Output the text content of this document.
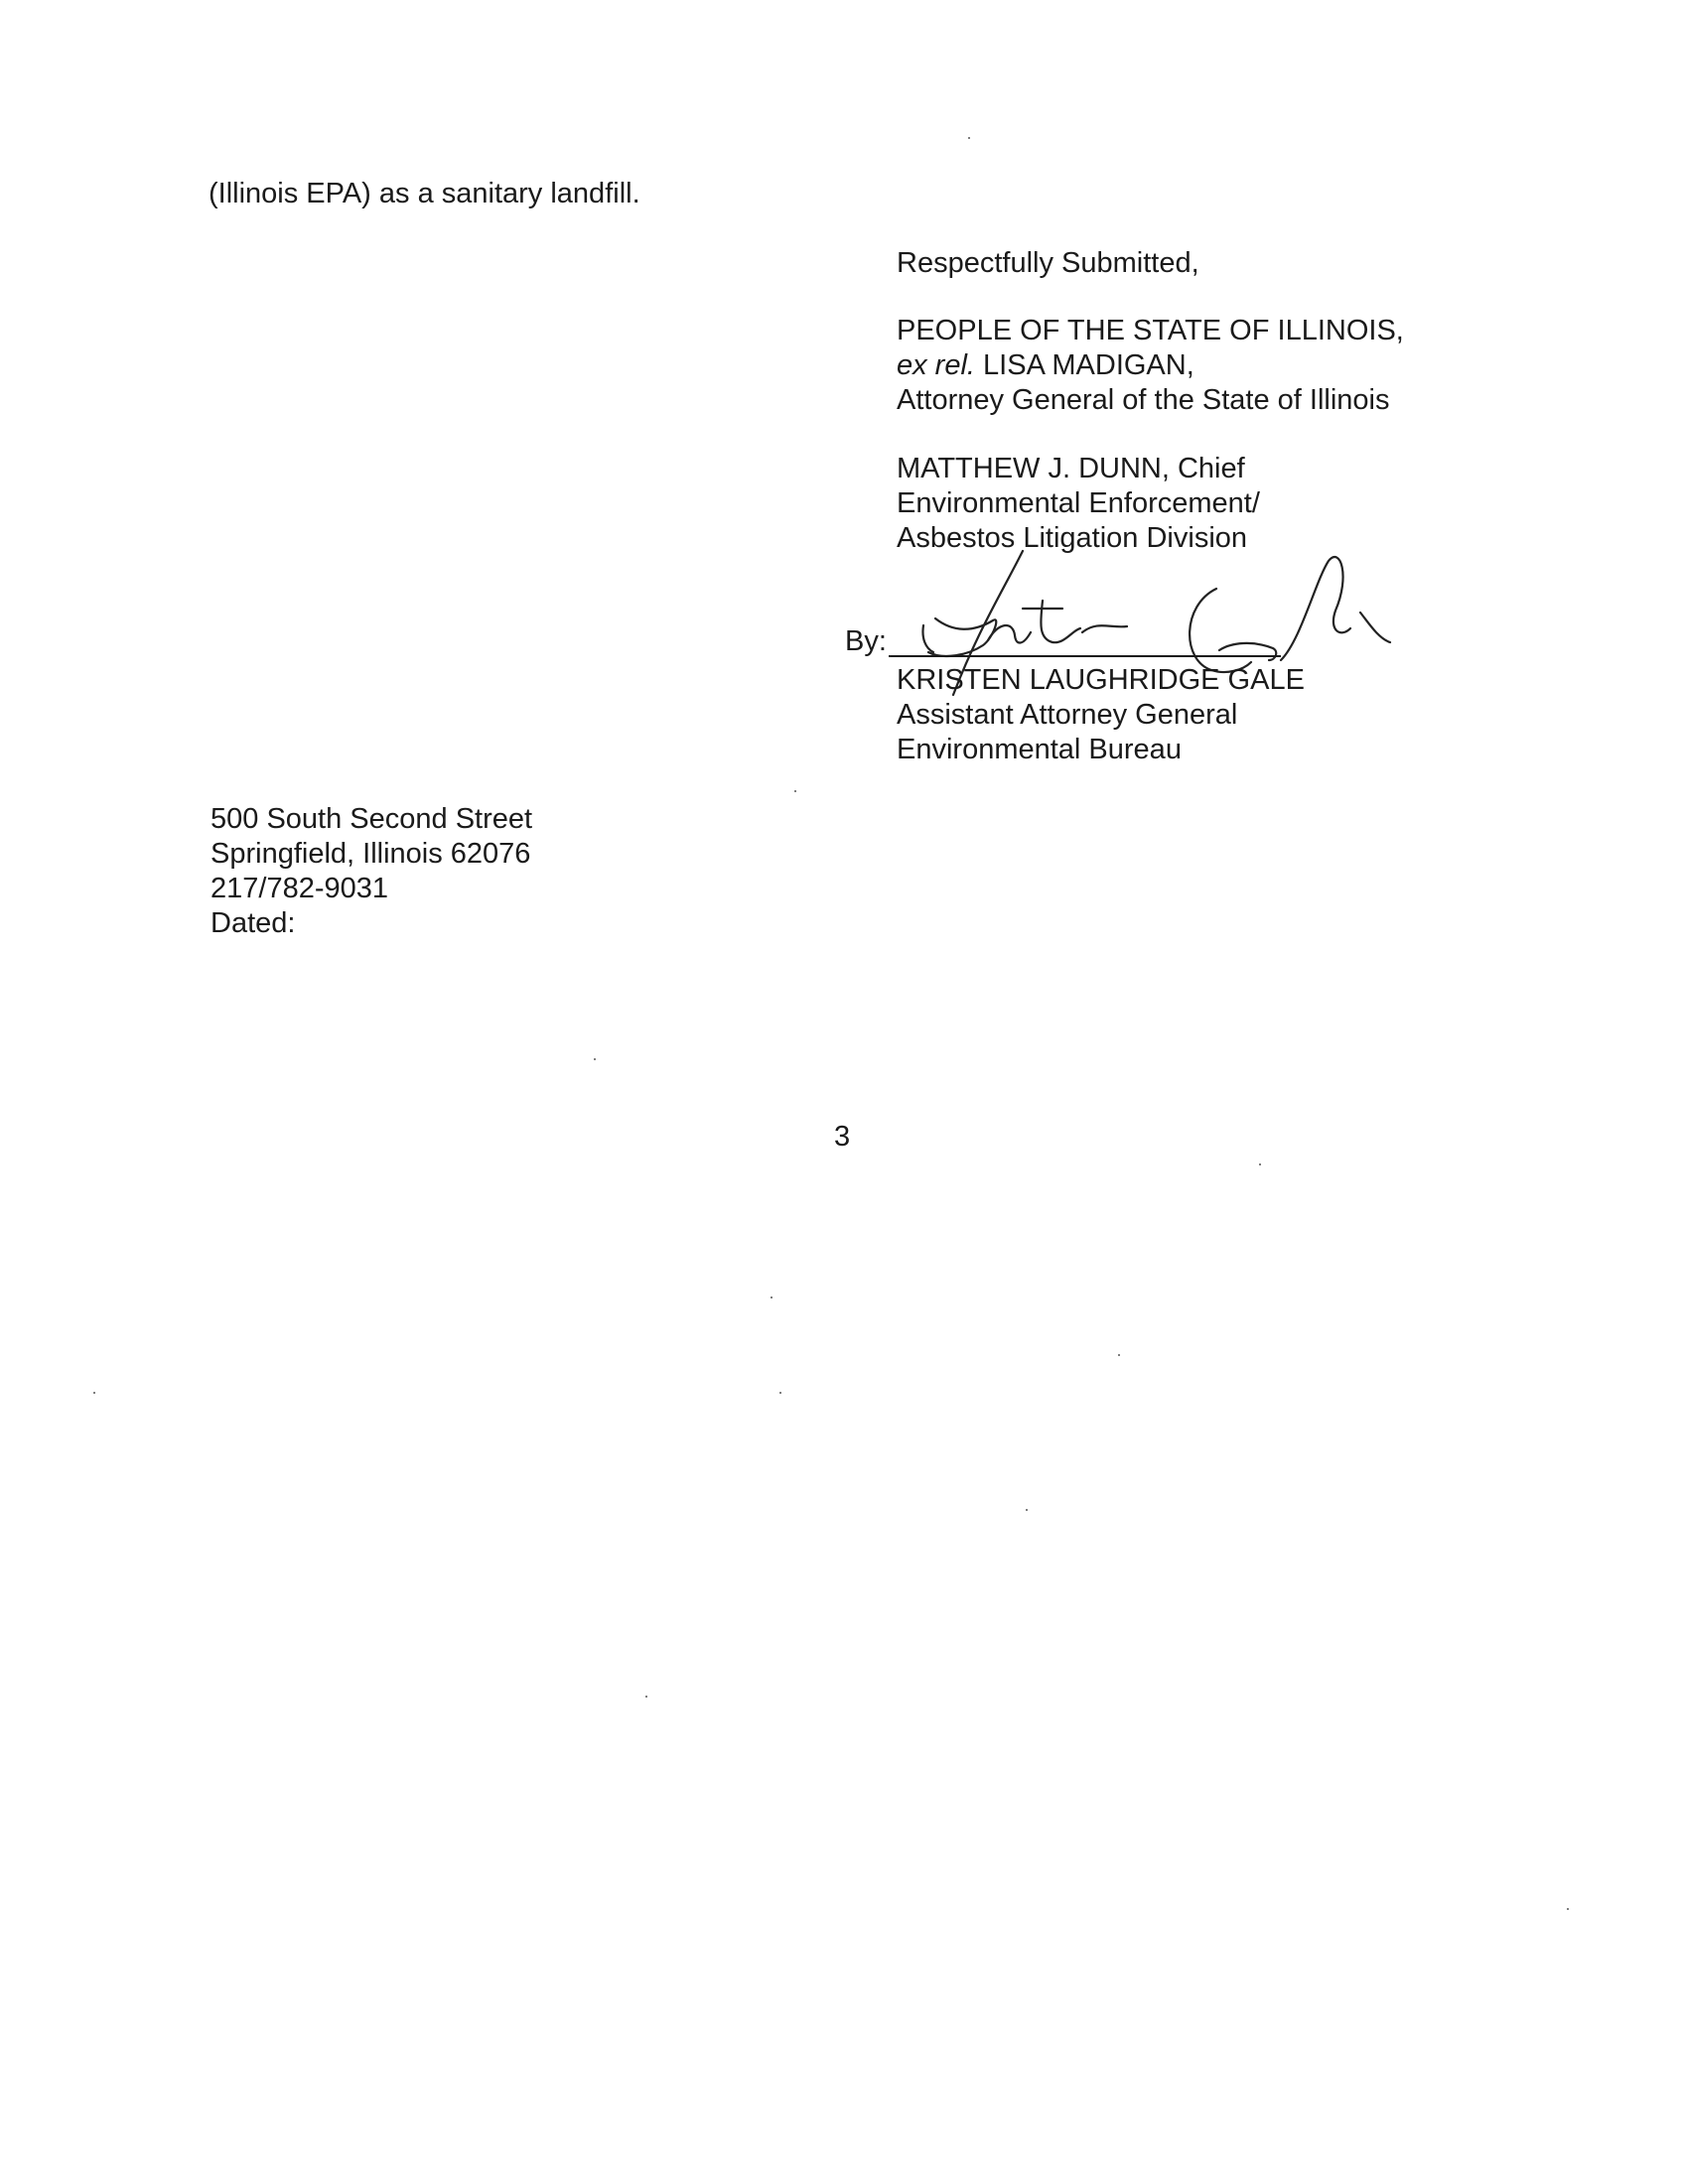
(Illinois EPA) as a sanitary landfill.
Respectfully Submitted,
PEOPLE OF THE STATE OF ILLINOIS,
ex rel. LISA MADIGAN,
Attorney General of the State of Illinois
MATTHEW J. DUNN, Chief
Environmental Enforcement/
Asbestos Litigation Division
By:
KRISTEN LAUGHRIDGE GALE
Assistant Attorney General
Environmental Bureau
500 South Second Street
Springfield, Illinois 62076
217/782-9031
Dated:
3
